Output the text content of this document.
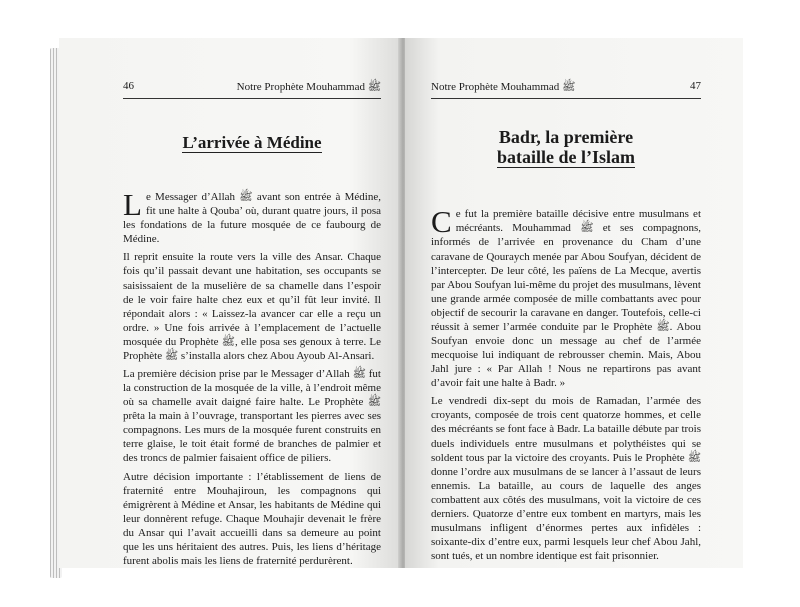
46	Notre Prophète Mouhammad ﷺ
L’arrivée à Médine

Le Messager d’Allah ﷺ avant son entrée à Médine, fit une halte à Qouba’ où, durant quatre jours, il posa les fondations de la future mosquée de ce faubourg de Médine.

Il reprit ensuite la route vers la ville des Ansar. Chaque fois qu’il passait devant une habitation, ses occupants se saisissaient de la muselière de sa chamelle dans l’espoir de le voir faire halte chez eux et qu’il fût leur invité. Il répondait alors : « Laissez-la avancer car elle a reçu un ordre. » Une fois arrivée à l’emplacement de l’actuelle mosquée du Prophète ﷺ, elle posa ses genoux à terre. Le Prophète ﷺ s’installa alors chez Abou Ayoub Al-Ansari.

La première décision prise par le Messager d’Allah ﷺ fut la construction de la mosquée de la ville, à l’endroit même où sa chamelle avait daigné faire halte. Le Prophète ﷺ prêta la main à l’ouvrage, transportant les pierres avec ses compagnons. Les murs de la mosquée furent construits en terre glaise, le toit était formé de branches de palmier et des troncs de palmier faisaient office de piliers.

Autre décision importante : l’établissement de liens de fraternité entre Mouhajiroun, les compagnons qui émigrèrent à Médine et Ansar, les habitants de Médine qui leur donnèrent refuge. Chaque Mouhajir devenait le frère du Ansar qui l’avait accueilli dans sa demeure au point que les uns héritaient des autres. Puis, les liens d’héritage furent abolis mais les liens de fraternité perdurèrent.

Notre Prophète Mouhammad ﷺ	47
Badr, la première
bataille de l’Islam

Ce fut la première bataille décisive entre musulmans et mécréants. Mouhammad ﷺ et ses compagnons, informés de l’arrivée en provenance du Cham d’une caravane de Qouraych menée par Abou Soufyan, décident de l’intercepter. De leur côté, les païens de La Mecque, avertis par Abou Soufyan lui-même du projet des musulmans, lèvent une grande armée composée de mille combattants avec pour objectif de secourir la caravane en danger. Toutefois, celle-ci réussit à semer l’armée conduite par le Prophète ﷺ. Abou Soufyan envoie donc un message au chef de l’armée mecquoise lui indiquant de rebrousser chemin. Mais, Abou Jahl jure : « Par Allah ! Nous ne repartirons pas avant d’avoir fait une halte à Badr. »

Le vendredi dix-sept du mois de Ramadan, l’armée des croyants, composée de trois cent quatorze hommes, et celle des mécréants se font face à Badr. La bataille débute par trois duels individuels entre musulmans et polythéistes qui se soldent tous par la victoire des croyants. Puis le Prophète ﷺ donne l’ordre aux musulmans de se lancer à l’assaut de leurs ennemis. La bataille, au cours de laquelle des anges combattent aux côtés des musulmans, voit la victoire de ces derniers. Quatorze d’entre eux tombent en martyrs, mais les musulmans infligent d’énormes pertes aux infidèles : soixante-dix d’entre eux, parmi lesquels leur chef Abou Jahl, sont tués, et un nombre identique est fait prisonnier.
